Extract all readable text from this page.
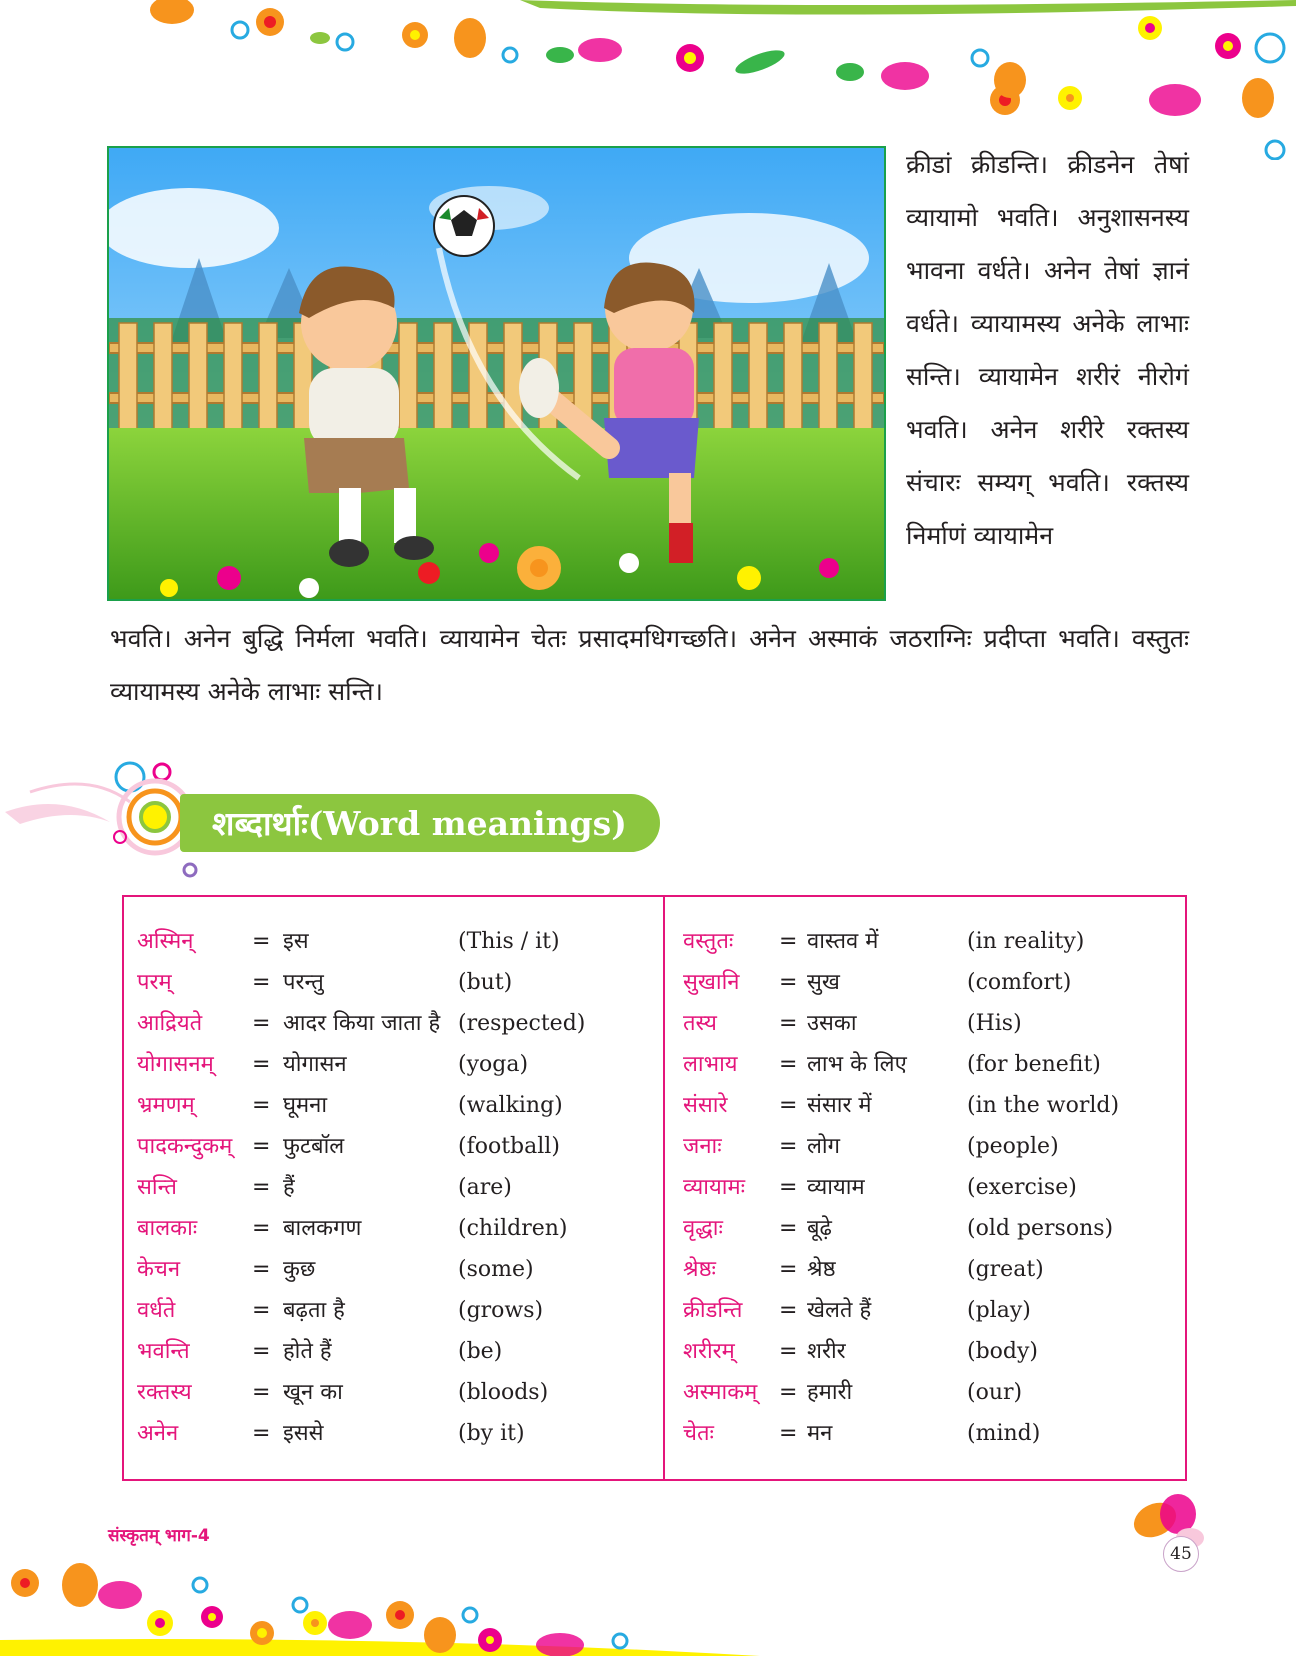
क्रीडां क्रीडन्ति। क्रीडनेन तेषां व्यायामो भवति। अनुशासनस्य भावना वर्धते। अनेन तेषां ज्ञानं वर्धते। व्यायामस्य अनेके लाभाः सन्ति। व्यायामेन शरीरं नीरोगं भवति। अनेन शरीरे रक्तस्य संचारः सम्यग् भवति। रक्तस्य निर्माणं व्यायामेन
भवति। अनेन बुद्धि निर्मला भवति। व्यायामेन चेतः प्रसादमधिगच्छति। अनेन अस्माकं जठराग्निः प्रदीप्ता भवति। वस्तुतः व्यायामस्य अनेके लाभाः सन्ति।
शब्दार्थाः(Word meanings)
अस्मिन्	= इस	(This / it)
परम्	= परन्तु	(but)
आद्रियते = आदर किया जाता है (respected)
योगासनम् = योगासन	(yoga)
भ्रमणम्	= घूमना	(walking)
पादकन्दुकम् = फुटबॉल	(football)
सन्ति	= हैं	(are)
बालकाः = बालकगण	(children)
केचन	= कुछ	(some)
वर्धते	= बढ़ता है	(grows)
भवन्ति	= होते हैं	(be)
रक्तस्य	= खून का	(bloods)
अनेन	= इससे	(by it)
वस्तुतः = वास्तव में	(in reality)
सुखानि = सुख	(comfort)
तस्य	= उसका	(His)
लाभाय = लाभ के लिए	(for benefit)
संसारे = संसार में	(in the world)
जनाः	= लोग	(people)
व्यायामः = व्यायाम	(exercise)
वृद्धाः	= बूढ़े	(old persons)
श्रेष्ठः	= श्रेष्ठ	(great)
क्रीडन्ति = खेलते हैं	(play)
शरीरम् = शरीर	(body)
अस्माकम् = हमारी	(our)
चेतः	= मन	(mind)
संस्कृतम् भाग-4
45
